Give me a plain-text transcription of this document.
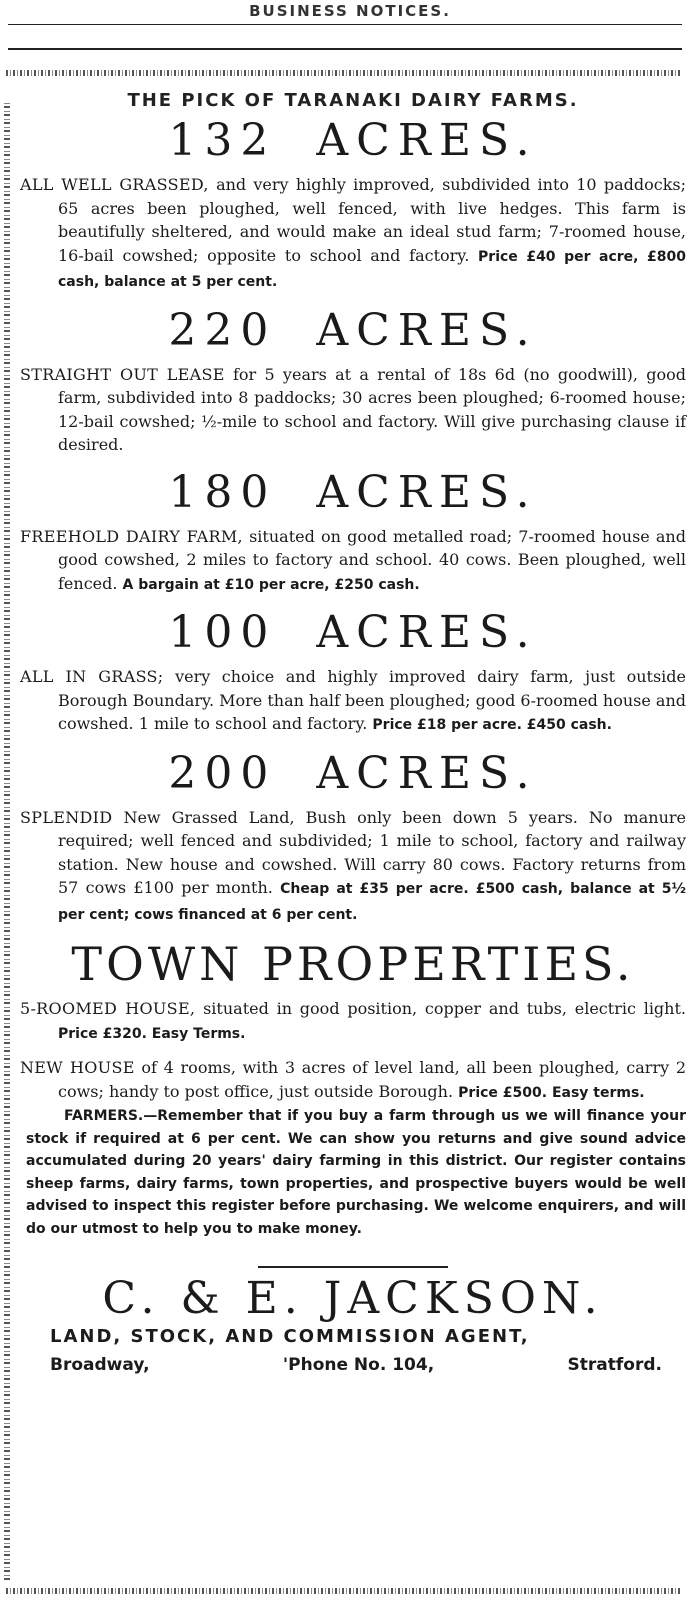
BUSINESS NOTICES.
THE PICK OF TARANAKI DAIRY FARMS.
132 ACRES.

ALL WELL GRASSED, and very highly improved, subdivided into 10 paddocks; 65 acres been ploughed, well fenced, with live hedges. This farm is beautifully sheltered, and would make an ideal stud farm; 7-roomed house, 16-bail cowshed; opposite to school and factory. Price £40 per acre, £800 cash, balance at 5 per cent.

220 ACRES.

STRAIGHT OUT LEASE for 5 years at a rental of 18s 6d (no goodwill), good farm, subdivided into 8 paddocks; 30 acres been ploughed; 6-roomed house; 12-bail cowshed; ½-mile to school and factory. Will give purchasing clause if desired.

180 ACRES.

FREEHOLD DAIRY FARM, situated on good metalled road; 7-roomed house and good cowshed, 2 miles to factory and school. 40 cows. Been ploughed, well fenced. A bargain at £10 per acre, £250 cash.

100 ACRES.

ALL IN GRASS; very choice and highly improved dairy farm, just outside Borough Boundary. More than half been ploughed; good 6-roomed house and cowshed. 1 mile to school and factory. Price £18 per acre. £450 cash.

200 ACRES.

SPLENDID New Grassed Land, Bush only been down 5 years. No manure required; well fenced and subdivided; 1 mile to school, factory and railway station. New house and cowshed. Will carry 80 cows. Factory returns from 57 cows £100 per month. Cheap at £35 per acre. £500 cash, balance at 5½ per cent; cows financed at 6 per cent.

TOWN PROPERTIES.

5-ROOMED HOUSE, situated in good position, copper and tubs, electric light. Price £320. Easy Terms.

NEW HOUSE of 4 rooms, with 3 acres of level land, all been ploughed, carry 2 cows; handy to post office, just outside Borough. Price £500. Easy terms.

FARMERS.—Remember that if you buy a farm through us we will finance your stock if required at 6 per cent. We can show you returns and give sound advice accumulated during 20 years' dairy farming in this district. Our register contains sheep farms, dairy farms, town properties, and prospective buyers would be well advised to inspect this register before purchasing. We welcome enquirers, and will do our utmost to help you to make money.

C. & E. JACKSON.
LAND, STOCK, AND COMMISSION AGENT,
Broadway,	'Phone No. 104,	Stratford.
